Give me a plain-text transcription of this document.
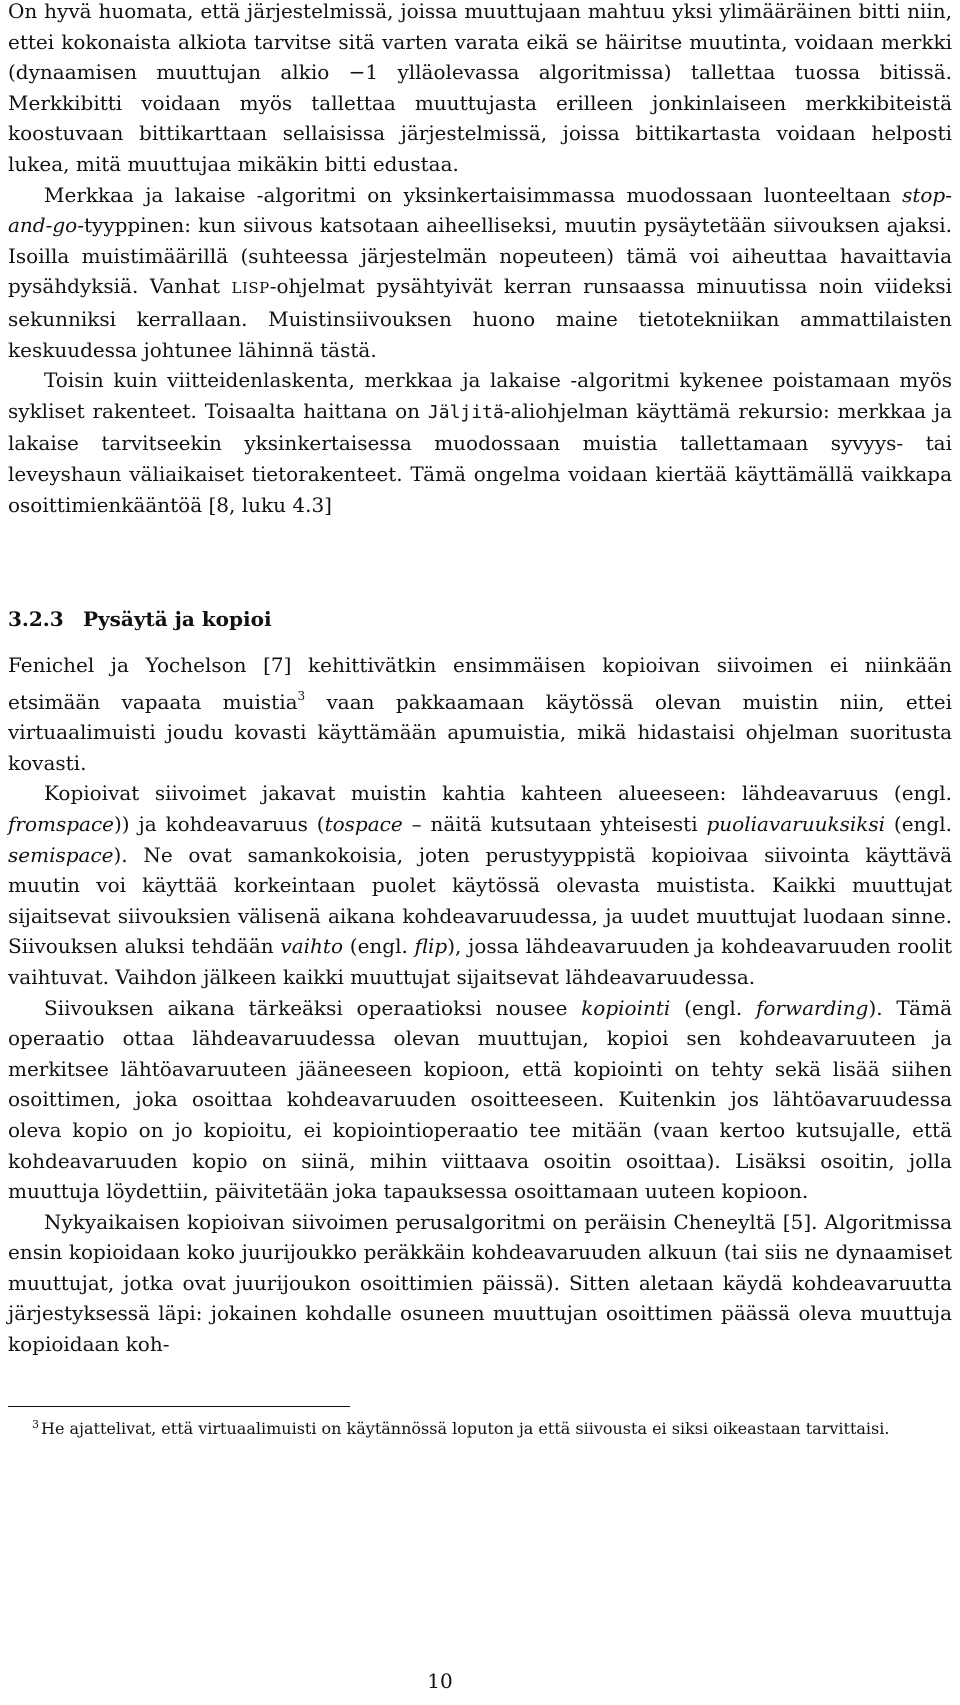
On hyvä huomata, että järjestelmissä, joissa muuttujaan mahtuu yksi ylimääräinen bitti niin, ettei kokonaista alkiota tarvitse sitä varten varata eikä se häiritse muutinta, voidaan merkki (dynaamisen muuttujan alkio −1 ylläolevassa algoritmissa) tallettaa tuossa bitissä. Merkkibitti voidaan myös tallettaa muuttujasta erilleen jonkinlaiseen merkkibiteistä koostuvaan bittikarttaan sellaisissa järjestelmissä, joissa bittikartasta voidaan helposti lukea, mitä muuttujaa mikäkin bitti edustaa.

Merkkaa ja lakaise -algoritmi on yksinkertaisimmassa muodossaan luonteeltaan stop-and-go-tyyppinen: kun siivous katsotaan aiheelliseksi, muutin pysäytetään siivouksen ajaksi. Isoilla muistimäärillä (suhteessa järjestelmän nopeuteen) tämä voi aiheuttaa havaittavia pysähdyksiä. Vanhat LISP-ohjelmat pysähtyivät kerran runsaassa minuutissa noin viideksi sekunniksi kerrallaan. Muistinsiivouksen huono maine tietotekniikan ammattilaisten keskuudessa johtunee lähinnä tästä.

Toisin kuin viitteidenlaskenta, merkkaa ja lakaise -algoritmi kykenee poistamaan myös sykliset rakenteet. Toisaalta haittana on Jäljitä-aliohjelman käyttämä rekursio: merkkaa ja lakaise tarvitseekin yksinkertaisessa muodossaan muistia tallettamaan syvyys- tai leveyshaun väliaikaiset tietorakenteet. Tämä ongelma voidaan kiertää käyttämällä vaikkapa osoittimienkääntöä [8, luku 4.3]

3.2.3 Pysäytä ja kopioi

Fenichel ja Yochelson [7] kehittivätkin ensimmäisen kopioivan siivoimen ei niinkään etsimään vapaata muistia$^3$ vaan pakkaamaan käytössä olevan muistin niin, ettei virtuaalimuisti joudu kovasti käyttämään apumuistia, mikä hidastaisi ohjelman suoritusta kovasti.

Kopioivat siivoimet jakavat muistin kahtia kahteen alueeseen: lähdeavaruus (engl. fromspace)) ja kohdeavaruus (tospace – näitä kutsutaan yhteisesti puoliavaruuksiksi (engl. semispace). Ne ovat samankokoisia, joten perustyyppistä kopioivaa siivointa käyttävä muutin voi käyttää korkeintaan puolet käytössä olevasta muistista. Kaikki muuttujat sijaitsevat siivouksien välisenä aikana kohdeavaruudessa, ja uudet muuttujat luodaan sinne. Siivouksen aluksi tehdään vaihto (engl. flip), jossa lähdeavaruuden ja kohdeavaruuden roolit vaihtuvat. Vaihdon jälkeen kaikki muuttujat sijaitsevat lähdeavaruudessa.

Siivouksen aikana tärkeäksi operaatioksi nousee kopiointi (engl. forwarding). Tämä operaatio ottaa lähdeavaruudessa olevan muuttujan, kopioi sen kohdeavaruuteen ja merkitsee lähtöavaruuteen jääneeseen kopioon, että kopiointi on tehty sekä lisää siihen osoittimen, joka osoittaa kohdeavaruuden osoitteeseen. Kuitenkin jos lähtöavaruudessa oleva kopio on jo kopioitu, ei kopiointioperaatio tee mitään (vaan kertoo kutsujalle, että kohdeavaruuden kopio on siinä, mihin viittaava osoitin osoittaa). Lisäksi osoitin, jolla muuttuja löydettiin, päivitetään joka tapauksessa osoittamaan uuteen kopioon.

Nykyaikaisen kopioivan siivoimen perusalgoritmi on peräisin Cheneyltä [5]. Algoritmissa ensin kopioidaan koko juurijoukko peräkkäin kohdeavaruuden alkuun (tai siis ne dynaamiset muuttujat, jotka ovat juurijoukon osoittimien päissä). Sitten aletaan käydä kohdeavaruutta järjestyksessä läpi: jokainen kohdalle osuneen muuttujan osoittimen päässä oleva muuttuja kopioidaan koh-

$^3$ He ajattelivat, että virtuaalimuisti on käytännössä loputon ja että siivousta ei siksi oikeastaan tarvittaisi.
10
